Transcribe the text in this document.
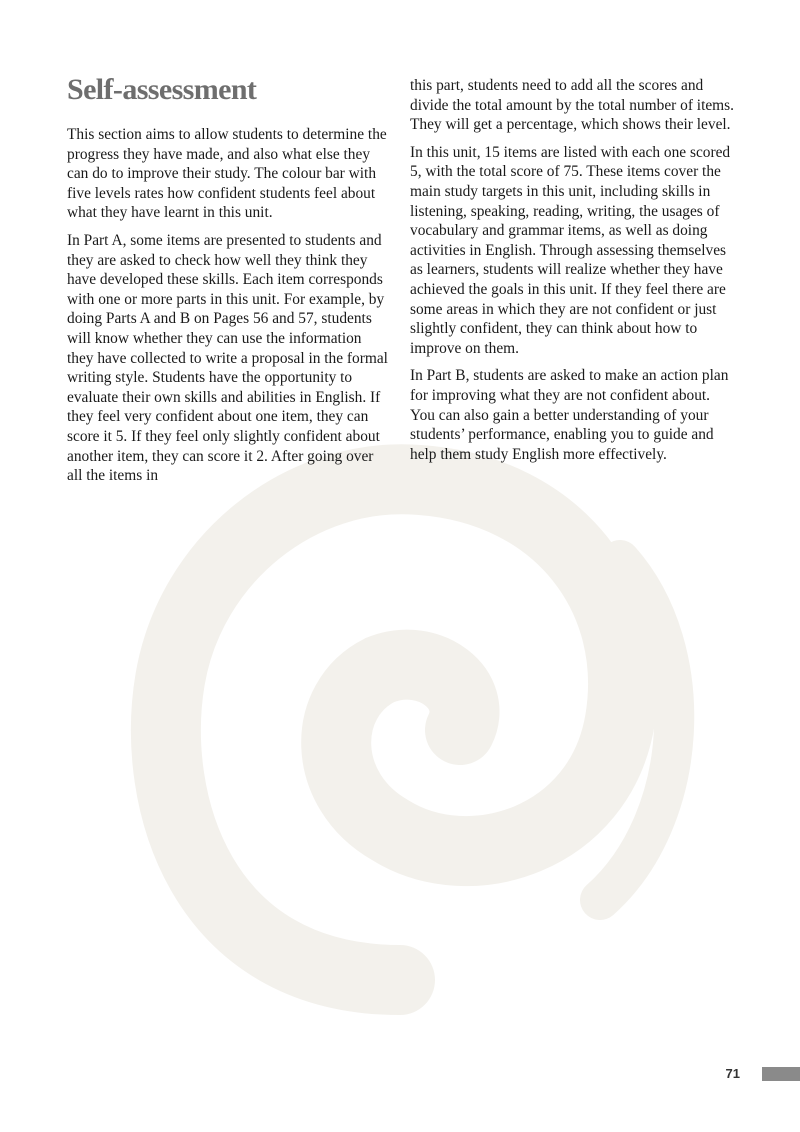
Self-assessment

This section aims to allow students to determine the progress they have made, and also what else they can do to improve their study. The colour bar with five levels rates how confident students feel about what they have learnt in this unit.

In Part A, some items are presented to students and they are asked to check how well they think they have developed these skills. Each item corresponds with one or more parts in this unit. For example, by doing Parts A and B on Pages 56 and 57, students will know whether they can use the information they have collected to write a proposal in the formal writing style. Students have the opportunity to evaluate their own skills and abilities in English. If they feel very confident about one item, they can score it 5. If they feel only slightly confident about another item, they can score it 2. After going over all the items in

this part, students need to add all the scores and divide the total amount by the total number of items. They will get a percentage, which shows their level.

In this unit, 15 items are listed with each one scored 5, with the total score of 75. These items cover the main study targets in this unit, including skills in listening, speaking, reading, writing, the usages of vocabulary and grammar items, as well as doing activities in English. Through assessing themselves as learners, students will realize whether they have achieved the goals in this unit. If they feel there are some areas in which they are not confident or just slightly confident, they can think about how to improve on them.

In Part B, students are asked to make an action plan for improving what they are not confident about. You can also gain a better understanding of your students’ performance, enabling you to guide and help them study English more effectively.

71
